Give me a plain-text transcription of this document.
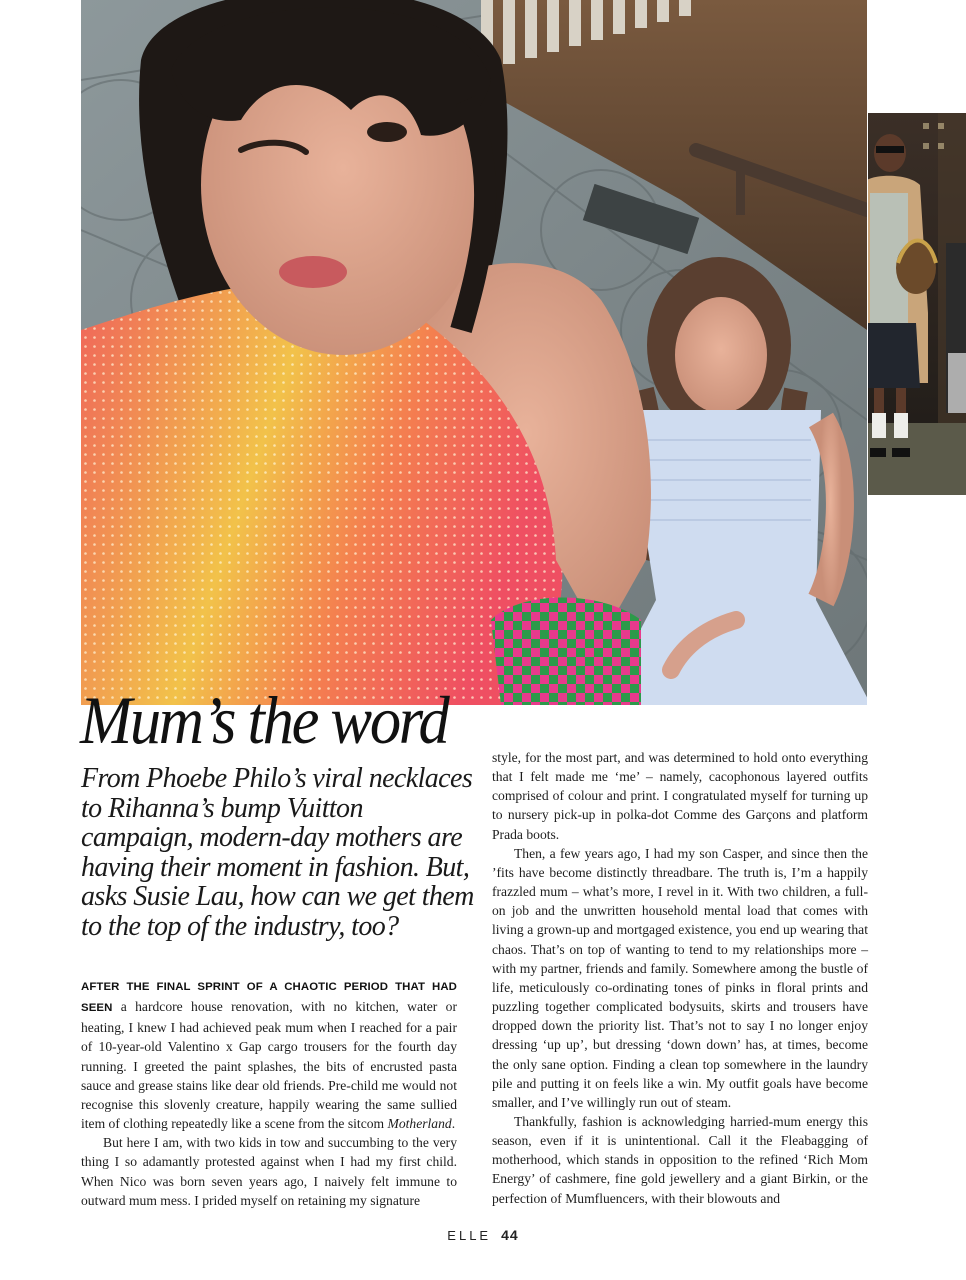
Mum’s the word

From Phoebe Philo’s viral necklaces to Rihanna’s bump Vuitton campaign, modern-day mothers are having their moment in fashion. But, asks Susie Lau, how can we get them to the top of the industry, too?

AFTER THE FINAL SPRINT OF A CHAOTIC PERIOD THAT HAD SEEN a hardcore house renovation, with no kitchen, water or heating, I knew I had achieved peak mum when I reached for a pair of 10-year-old Valentino x Gap cargo trousers for the fourth day running. I greeted the paint splashes, the bits of encrusted pasta sauce and grease stains like dear old friends. Pre-child me would not recognise this slovenly creature, happily wearing the same sullied item of clothing repeatedly like a scene from the sitcom Motherland.

But here I am, with two kids in tow and succumbing to the very thing I so adamantly protested against when I had my first child. When Nico was born seven years ago, I naively felt immune to outward mum mess. I prided myself on retaining my signature

style, for the most part, and was determined to hold onto everything that I felt made me ‘me’ – namely, cacophonous layered outfits comprised of colour and print. I congratulated myself for turning up to nursery pick-up in polka-dot Comme des Garçons and platform Prada boots.

Then, a few years ago, I had my son Casper, and since then the ’fits have become distinctly threadbare. The truth is, I’m a happily frazzled mum – what’s more, I revel in it. With two children, a full-on job and the unwritten household mental load that comes with living a grown-up and mortgaged existence, you end up wearing that chaos. That’s on top of wanting to tend to my relationships more – with my partner, friends and family. Somewhere among the bustle of life, meticulously co-ordinating tones of pinks in floral prints and puzzling together complicated bodysuits, skirts and trousers have dropped down the priority list. That’s not to say I no longer enjoy dressing ‘up up’, but dressing ‘down down’ has, at times, become the only sane option. Finding a clean top somewhere in the laundry pile and putting it on feels like a win. My outfit goals have become smaller, and I’ve willingly run out of steam.

Thankfully, fashion is acknowledging harried-mum energy this season, even if it is unintentional. Call it the Fleabagging of motherhood, which stands in opposition to the refined ‘Rich Mom Energy’ of cashmere, fine gold jewellery and a giant Birkin, or the perfection of Mumfluencers, with their blowouts and

ELLE 44
